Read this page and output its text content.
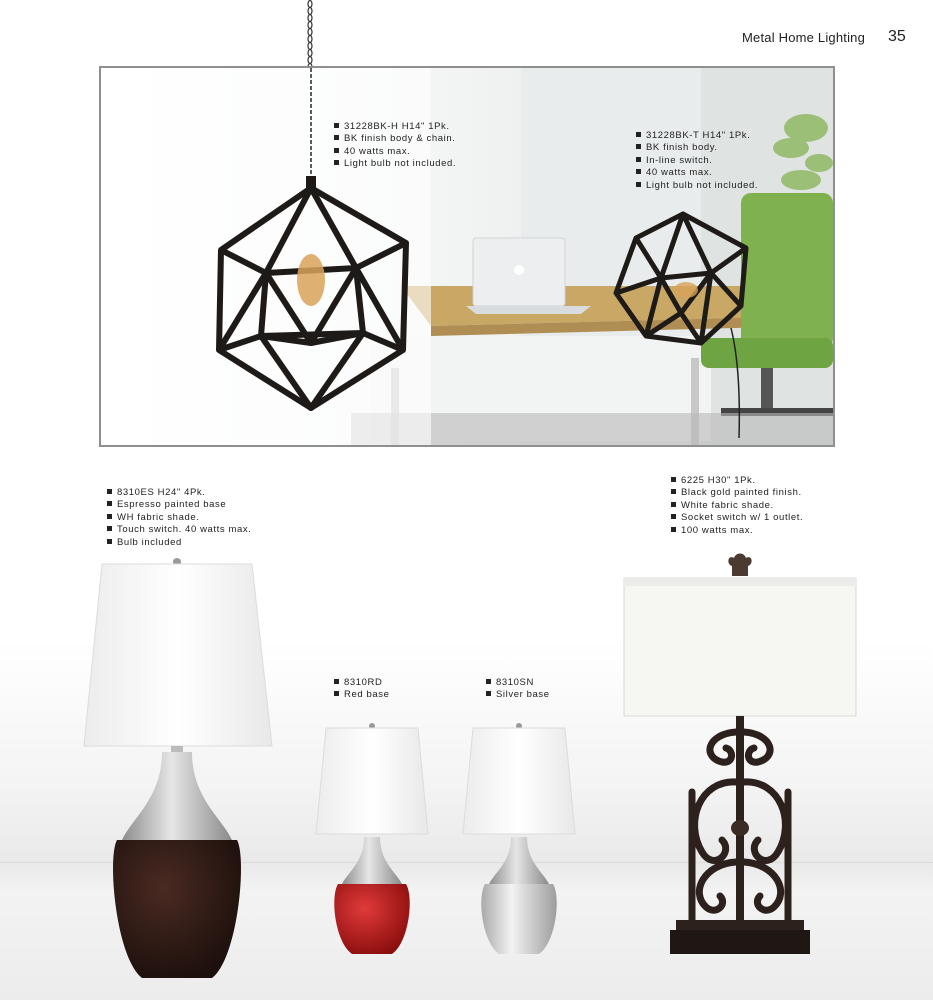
Metal Home Lighting 35
31228BK-H H14" 1Pk.
BK finish body & chain.
40 watts max.
Light bulb not included.
31228BK-T H14" 1Pk.
BK finish body.
In-line switch.
40 watts max.
Light bulb not included.
8310ES H24" 4Pk.
Espresso painted base
WH fabric shade.
Touch switch. 40 watts max.
Bulb included
8310RD
Red base
8310SN
Silver base
6225 H30" 1Pk.
Black gold painted finish.
White fabric shade.
Socket switch w/ 1 outlet.
100 watts max.
